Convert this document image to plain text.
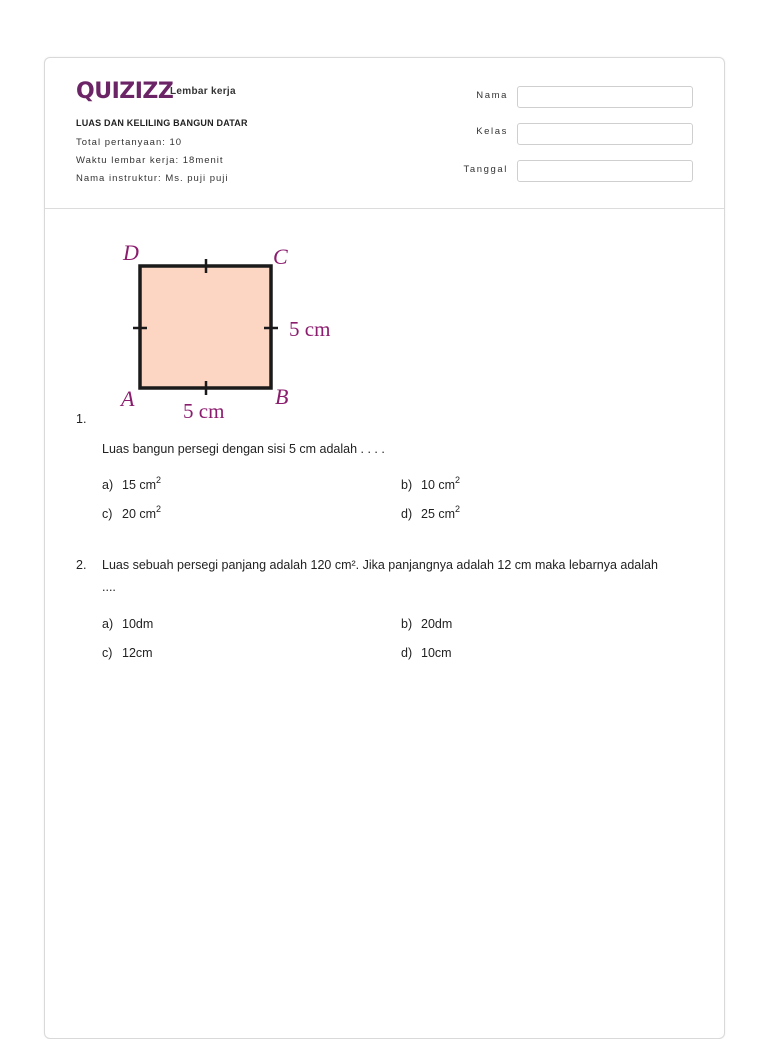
QUIZIZZ
Lembar kerja
LUAS DAN KELILING BANGUN DATAR
Total pertanyaan: 10
Waktu lembar kerja: 18menit
Nama instruktur: Ms. puji puji
Nama
Kelas
Tanggal
D	C
A	B
5 cm
5 cm
1.
Luas bangun persegi dengan sisi 5 cm adalah . . . .
a) 15 $cm^2$	b) 10 $cm^2$
c) 20 $cm^2$	d) 25 $cm^2$
2. Luas sebuah persegi panjang adalah 120 cm². Jika panjangnya adalah 12 cm maka lebarnya adalah ....
a) 10dm	b) 20dm
c) 12cm	d) 10cm
